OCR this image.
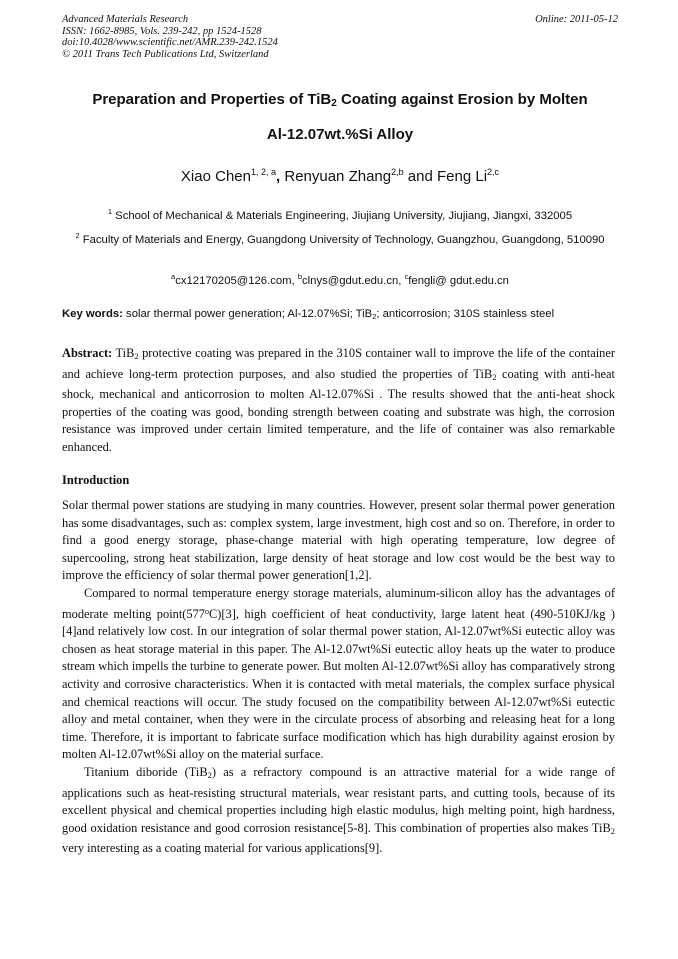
Advanced Materials Research
ISSN: 1662-8985, Vols. 239-242, pp 1524-1528
doi:10.4028/www.scientific.net/AMR.239-242.1524
© 2011 Trans Tech Publications Ltd, Switzerland
Online: 2011-05-12
Preparation and Properties of TiB$_2$ Coating against Erosion by Molten
Al-12.07wt.%Si Alloy
Xiao Chen$^{1, 2, a}$, Renyuan Zhang$^{2,b}$ and Feng Li$^{2,c}$
$^1$ School of Mechanical & Materials Engineering, Jiujiang University, Jiujiang, Jiangxi, 332005
$^2$ Faculty of Materials and Energy, Guangdong University of Technology, Guangzhou, Guangdong, 510090
$^a$cx12170205@126.com, $^b$clnys@gdut.edu.cn, $^c$fengli@ gdut.edu.cn
Key words: solar thermal power generation; Al-12.07%Si; TiB$_2$; anticorrosion; 310S stainless steel
Abstract: TiB$_2$ protective coating was prepared in the 310S container wall to improve the life of the container and achieve long-term protection purposes, and also studied the properties of TiB$_2$ coating with anti-heat shock, mechanical and anticorrosion to molten Al-12.07%Si . The results showed that the anti-heat shock properties of the coating was good, bonding strength between coating and substrate was high, the corrosion resistance was improved under certain limited temperature, and the life of container was also remarkable enhanced.
Introduction

Solar thermal power stations are studying in many countries. However, present solar thermal power generation has some disadvantages, such as: complex system, large investment, high cost and so on. Therefore, in order to find a good energy storage, phase-change material with high operating temperature, low degree of supercooling, strong heat stabilization, large density of heat storage and low cost would be the best way to improve the efficiency of solar thermal power generation[1,2].

Compared to normal temperature energy storage materials, aluminum-silicon alloy has the advantages of moderate melting point(577$^o$C)[3], high coefficient of heat conductivity, large latent heat (490-510KJ/kg )[4]and relatively low cost. In our integration of solar thermal power station, Al-12.07wt%Si eutectic alloy was chosen as heat storage material in this paper. The Al-12.07wt%Si eutectic alloy heats up the water to produce stream which impells the turbine to generate power. But molten Al-12.07wt%Si alloy has comparatively strong activity and corrosive characteristics. When it is contacted with metal materials, the complex surface physical and chemical reactions will occur. The study focused on the compatibility between Al-12.07wt%Si eutectic alloy and metal container, when they were in the circulate process of absorbing and releasing heat for a long time. Therefore, it is important to fabricate surface modification which has high durability against erosion by molten Al-12.07wt%Si alloy on the material surface.

Titanium diboride (TiB$_2$) as a refractory compound is an attractive material for a wide range of applications such as heat-resisting structural materials, wear resistant parts, and cutting tools, because of its excellent physical and chemical properties including high elastic modulus, high melting point, high hardness, good oxidation resistance and good corrosion resistance[5-8]. This combination of properties also makes TiB$_2$ very interesting as a coating material for various applications[9].
